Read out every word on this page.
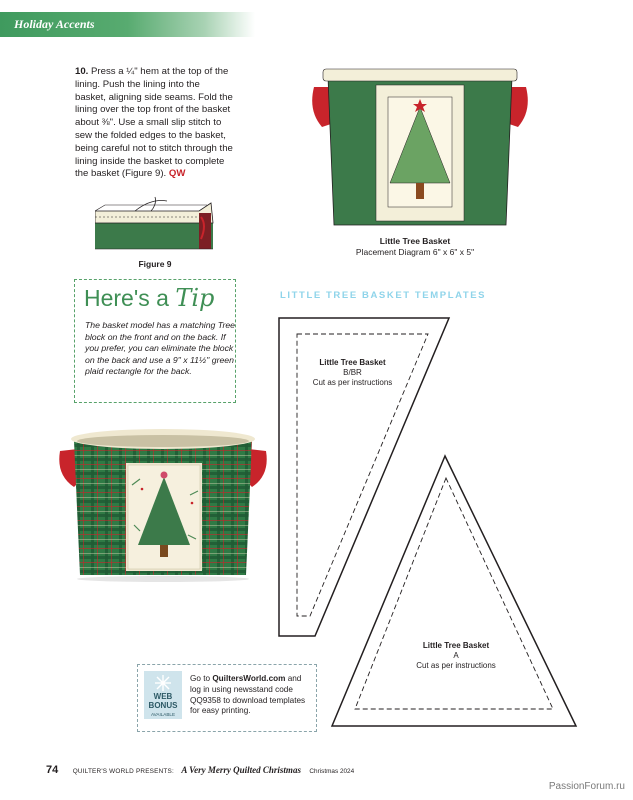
Holiday Accents
10. Press a ¼" hem at the top of the lining. Push the lining into the basket, aligning side seams. Fold the lining over the top front of the basket about ⅜". Use a small slip stitch to sew the folded edges to the basket, being careful not to stitch through the lining inside the basket to complete the basket (Figure 9). QW
Figure 9
Little Tree Basket
Placement Diagram 6" x 6" x 5"
Here's a Tip
The basket model has a matching Tree block on the front and on the back. If you prefer, you can eliminate the block on the back and use a 9" x 11½" green plaid rectangle for the back.
LITTLE TREE BASKET TEMPLATES
Little Tree Basket
B/BR
Cut as per instructions
Little Tree Basket
A
Cut as per instructions
WEB
BONUS
AVAILABLE
Go to QuiltersWorld.com and log in using newsstand code QQ9358 to download templates for easy printing.
74 QUILTER'S WORLD PRESENTS: A Very Merry Quilted Christmas Christmas 2024
PassionForum.ru
